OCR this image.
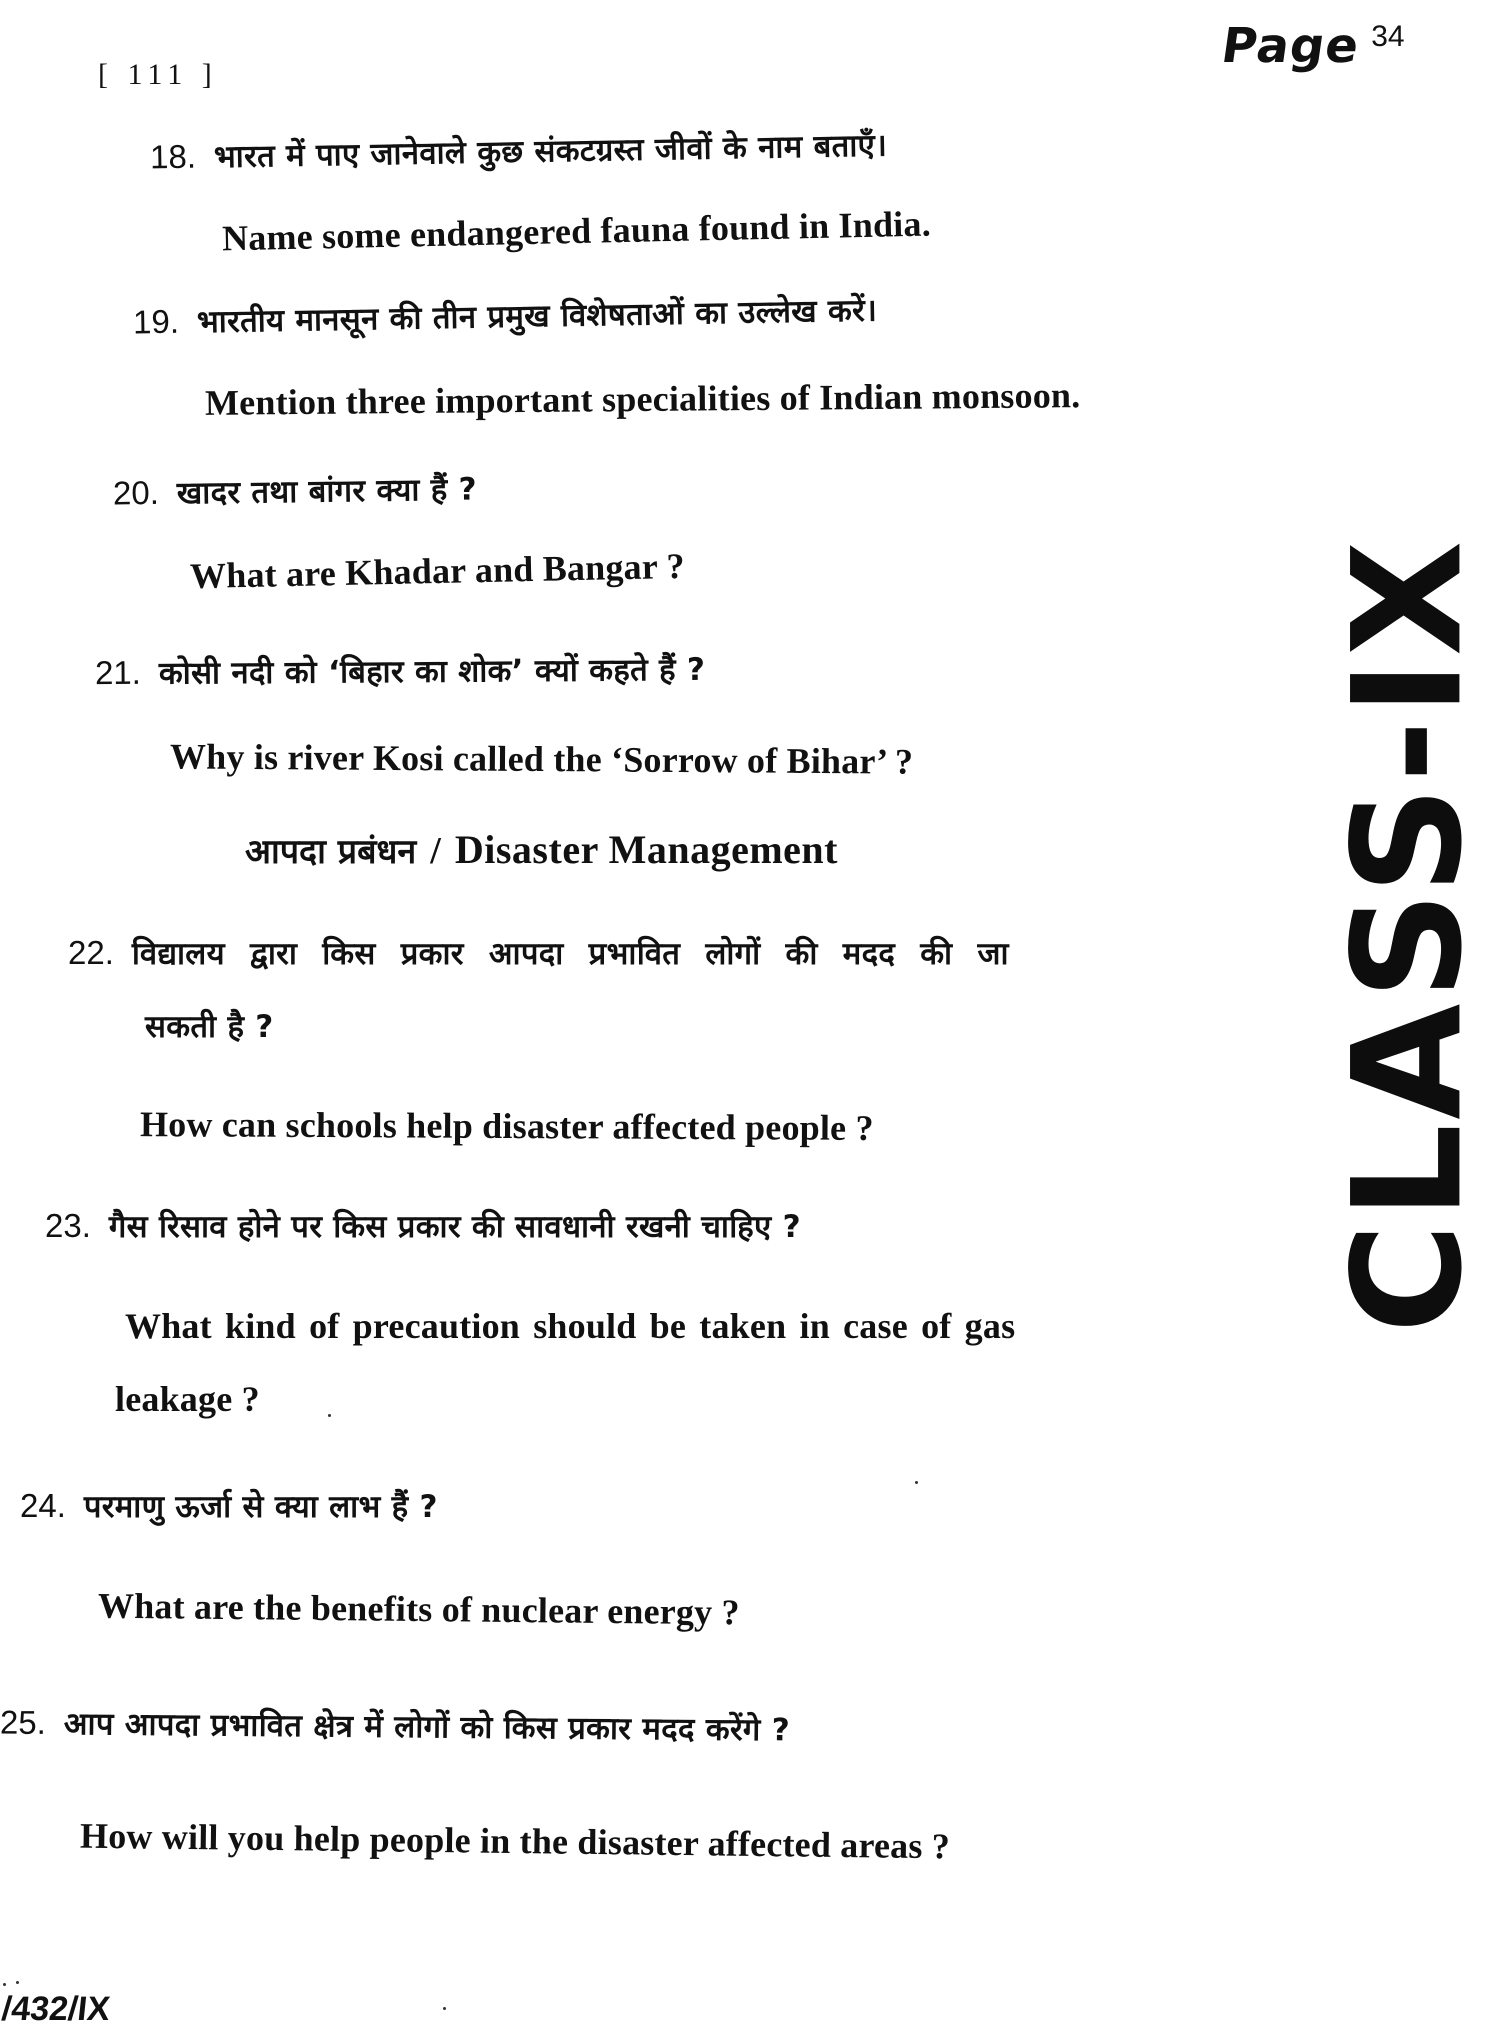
[ 111 ]
Page 34
CLASS-IX
18. भारत में पाए जानेवाले कुछ संकटग्रस्त जीवों के नाम बताएँ।
Name some endangered fauna found in India.
19. भारतीय मानसून की तीन प्रमुख विशेषताओं का उल्लेख करें।
Mention three important specialities of Indian monsoon.
20. खादर तथा बांगर क्या हैं ?
What are Khadar and Bangar ?
21. कोसी नदी को ‘बिहार का शोक’ क्यों कहते हैं ?
Why is river Kosi called the ‘Sorrow of Bihar’ ?
आपदा प्रबंधन / Disaster Management
22. विद्यालय द्वारा किस प्रकार आपदा प्रभावित लोगों की मदद की जा
सकती है ?
How can schools help disaster affected people ?
23. गैस रिसाव होने पर किस प्रकार की सावधानी रखनी चाहिए ?
What kind of precaution should be taken in case of gas
leakage ?
24. परमाणु ऊर्जा से क्या लाभ हैं ?
What are the benefits of nuclear energy ?
25. आप आपदा प्रभावित क्षेत्र में लोगों को किस प्रकार मदद करेंगे ?
How will you help people in the disaster affected areas ?
/432/IX
